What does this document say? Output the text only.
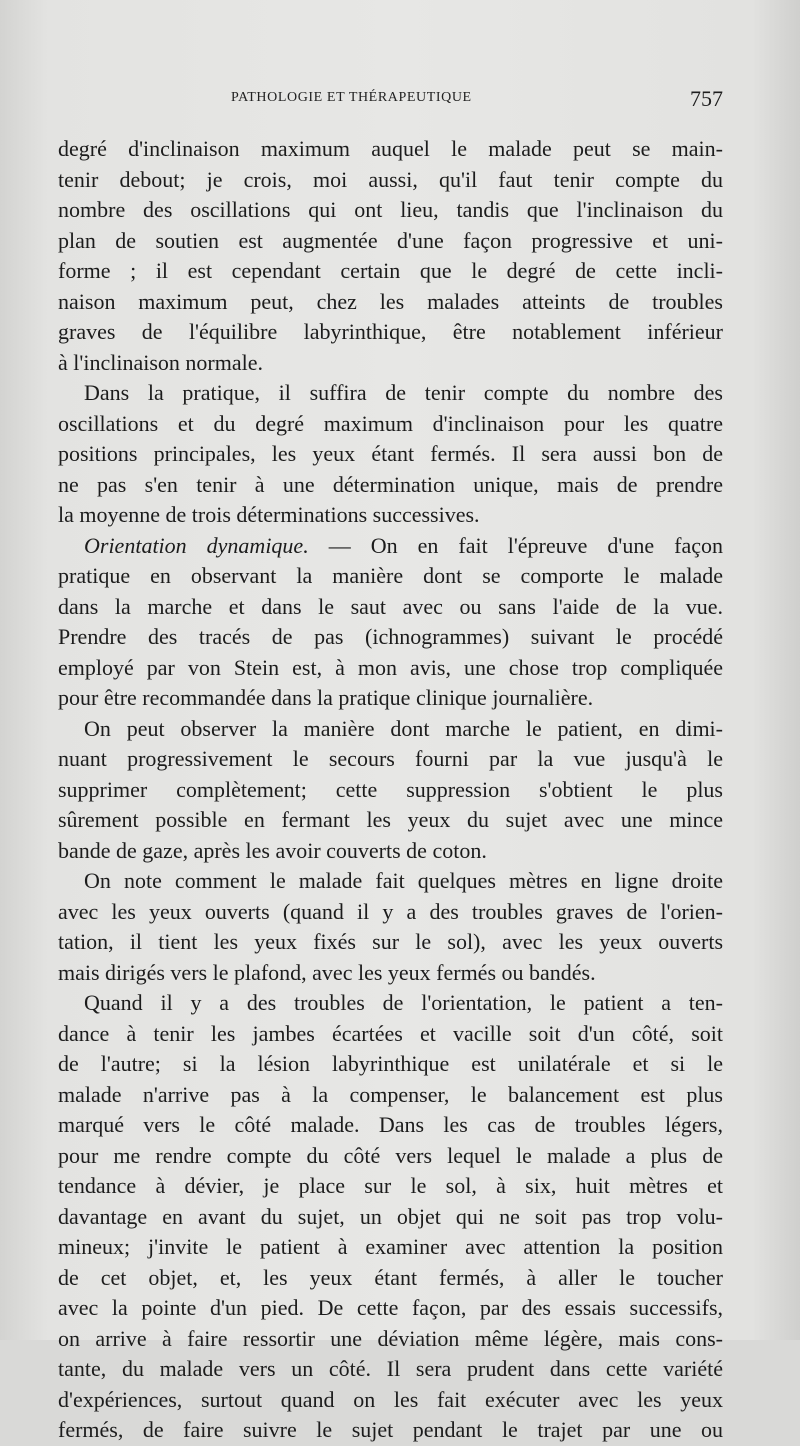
PATHOLOGIE ET THÉRAPEUTIQUE	757
degré d'inclinaison maximum auquel le malade peut se main-
tenir debout; je crois, moi aussi, qu'il faut tenir compte du
nombre des oscillations qui ont lieu, tandis que l'inclinaison du
plan de soutien est augmentée d'une façon progressive et uni-
forme ; il est cependant certain que le degré de cette incli-
naison maximum peut, chez les malades atteints de troubles
graves de l'équilibre labyrinthique, être notablement inférieur
à l'inclinaison normale.
Dans la pratique, il suffira de tenir compte du nombre des
oscillations et du degré maximum d'inclinaison pour les quatre
positions principales, les yeux étant fermés. Il sera aussi bon de
ne pas s'en tenir à une détermination unique, mais de prendre
la moyenne de trois déterminations successives.
Orientation dynamique. — On en fait l'épreuve d'une façon
pratique en observant la manière dont se comporte le malade
dans la marche et dans le saut avec ou sans l'aide de la vue.
Prendre des tracés de pas (ichnogrammes) suivant le procédé
employé par von Stein est, à mon avis, une chose trop compliquée
pour être recommandée dans la pratique clinique journalière.
On peut observer la manière dont marche le patient, en dimi-
nuant progressivement le secours fourni par la vue jusqu'à le
supprimer complètement; cette suppression s'obtient le plus
sûrement possible en fermant les yeux du sujet avec une mince
bande de gaze, après les avoir couverts de coton.
On note comment le malade fait quelques mètres en ligne droite
avec les yeux ouverts (quand il y a des troubles graves de l'orien-
tation, il tient les yeux fixés sur le sol), avec les yeux ouverts
mais dirigés vers le plafond, avec les yeux fermés ou bandés.
Quand il y a des troubles de l'orientation, le patient a ten-
dance à tenir les jambes écartées et vacille soit d'un côté, soit
de l'autre; si la lésion labyrinthique est unilatérale et si le
malade n'arrive pas à la compenser, le balancement est plus
marqué vers le côté malade. Dans les cas de troubles légers,
pour me rendre compte du côté vers lequel le malade a plus de
tendance à dévier, je place sur le sol, à six, huit mètres et
davantage en avant du sujet, un objet qui ne soit pas trop volu-
mineux; j'invite le patient à examiner avec attention la position
de cet objet, et, les yeux étant fermés, à aller le toucher
avec la pointe d'un pied. De cette façon, par des essais successifs,
on arrive à faire ressortir une déviation même légère, mais cons-
tante, du malade vers un côté. Il sera prudent dans cette variété
d'expériences, surtout quand on les fait exécuter avec les yeux
fermés, de faire suivre le sujet pendant le trajet par une ou
